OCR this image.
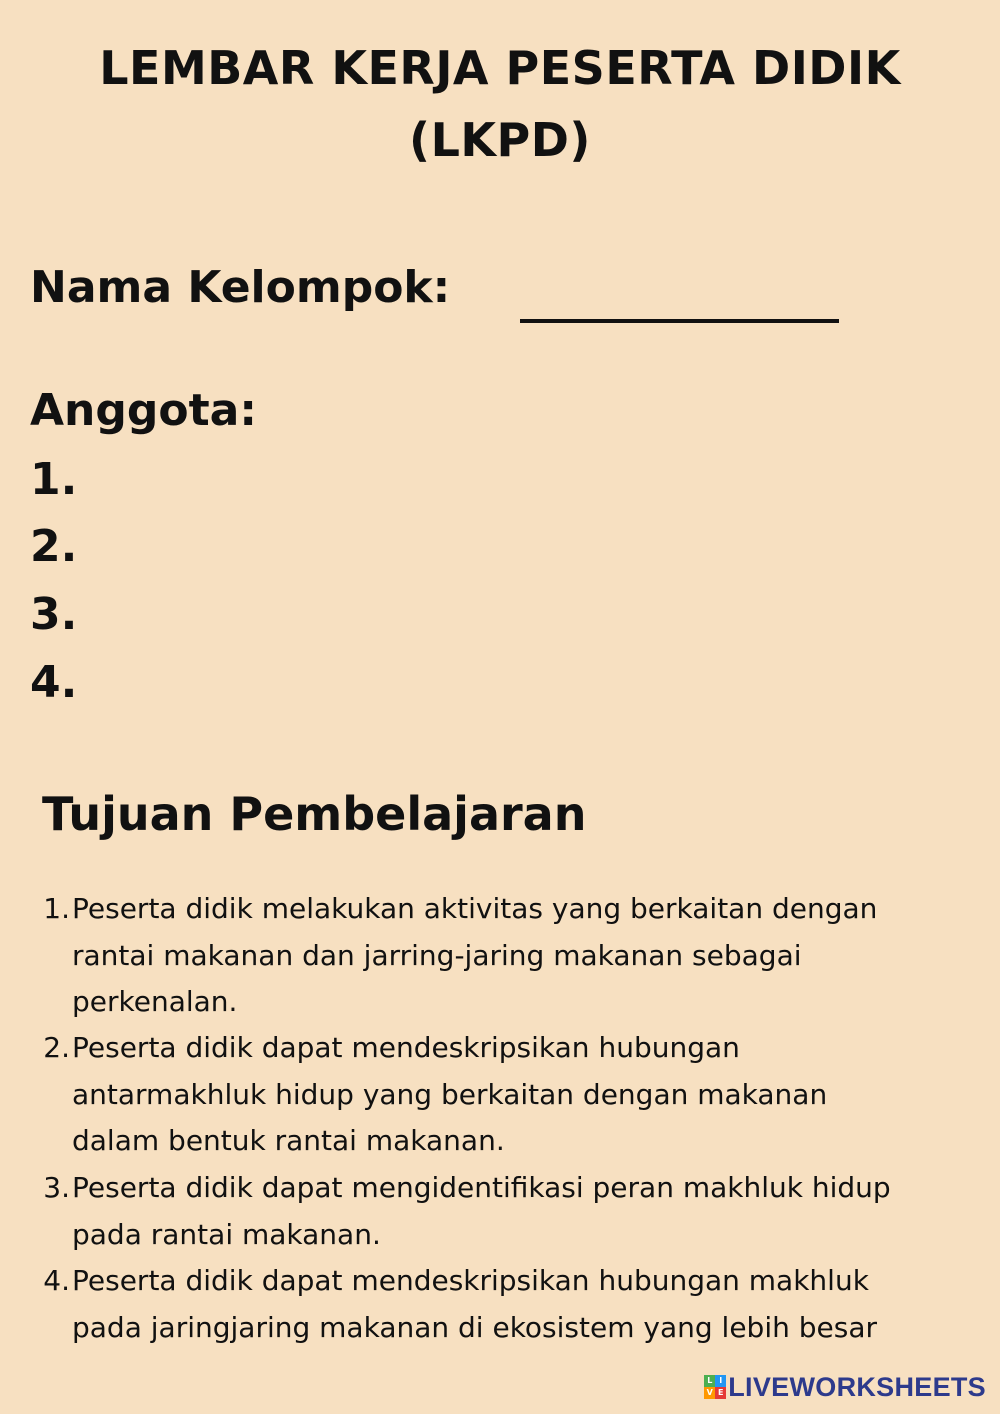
LEMBAR KERJA PESERTA DIDIK
(LKPD)
Nama Kelompok:
Anggota:
1.
2.
3.
4.
Tujuan Pembelajaran
1. Peserta didik melakukan aktivitas yang berkaitan dengan
rantai makanan dan jarring-jaring makanan sebagai
perkenalan.
2. Peserta didik dapat mendeskripsikan hubungan
antarmakhluk hidup yang berkaitan dengan makanan
dalam bentuk rantai makanan.
3. Peserta didik dapat mengidentifikasi peran makhluk hidup
pada rantai makanan.
4. Peserta didik dapat mendeskripsikan hubungan makhluk
pada jaringjaring makanan di ekosistem yang lebih besar
L I
V E LIVEWORKSHEETS
